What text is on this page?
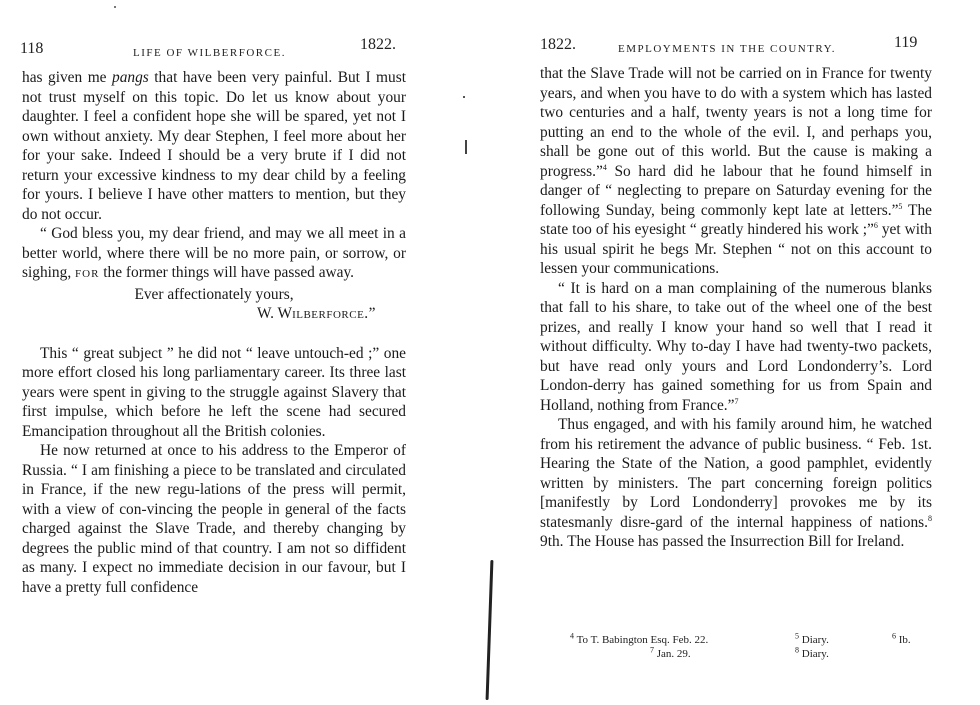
118	LIFE OF WILBERFORCE.	1822.

has given me pangs that have been very painful. But I must not trust myself on this topic. Do let us know about your daughter. I feel a confident hope she will be spared, yet not I own without anxiety. My dear Stephen, I feel more about her for your sake. Indeed I should be a very brute if I did not return your excessive kindness to my dear child by a feeling for yours. I believe I have other matters to mention, but they do not occur.

“ God bless you, my dear friend, and may we all meet in a better world, where there will be no more pain, or sorrow, or sighing, FOR the former things will have passed away.

Ever affectionately yours,

W. Wilberforce.”

This “ great subject ” he did not “ leave untouch-ed ;” one more effort closed his long parliamentary career. Its three last years were spent in giving to the struggle against Slavery that first impulse, which before he left the scene had secured Emancipation throughout all the British colonies.

He now returned at once to his address to the Emperor of Russia. “ I am finishing a piece to be translated and circulated in France, if the new regu-lations of the press will permit, with a view of con-vincing the people in general of the facts charged against the Slave Trade, and thereby changing by degrees the public mind of that country. I am not so diffident as many. I expect no immediate decision in our favour, but I have a pretty full confidence

1822.	EMPLOYMENTS IN THE COUNTRY.	119

that the Slave Trade will not be carried on in France for twenty years, and when you have to do with a system which has lasted two centuries and a half, twenty years is not a long time for putting an end to the whole of the evil. I, and perhaps you, shall be gone out of this world. But the cause is making a progress.”$^4$ So hard did he labour that he found himself in danger of “ neglecting to prepare on Saturday evening for the following Sunday, being commonly kept late at letters.”$^5$ The state too of his eyesight “ greatly hindered his work ;”$^6$ yet with his usual spirit he begs Mr. Stephen “ not on this account to lessen your communications.

“ It is hard on a man complaining of the numerous blanks that fall to his share, to take out of the wheel one of the best prizes, and really I know your hand so well that I read it without difficulty. Why to-day I have had twenty-two packets, but have read only yours and Lord Londonderry’s. Lord London-derry has gained something for us from Spain and Holland, nothing from France.”$^7$

Thus engaged, and with his family around him, he watched from his retirement the advance of public business. “ Feb. 1st. Hearing the State of the Nation, a good pamphlet, evidently written by ministers. The part concerning foreign politics [manifestly by Lord Londonderry] provokes me by its statesmanly disre-gard of the internal happiness of nations.$^8$ 9th. The House has passed the Insurrection Bill for Ireland.

$^4$ To T. Babington Esq. Feb. 22.	$^5$ Diary.	$^6$ Ib.
$^7$ Jan. 29.	$^8$ Diary.
